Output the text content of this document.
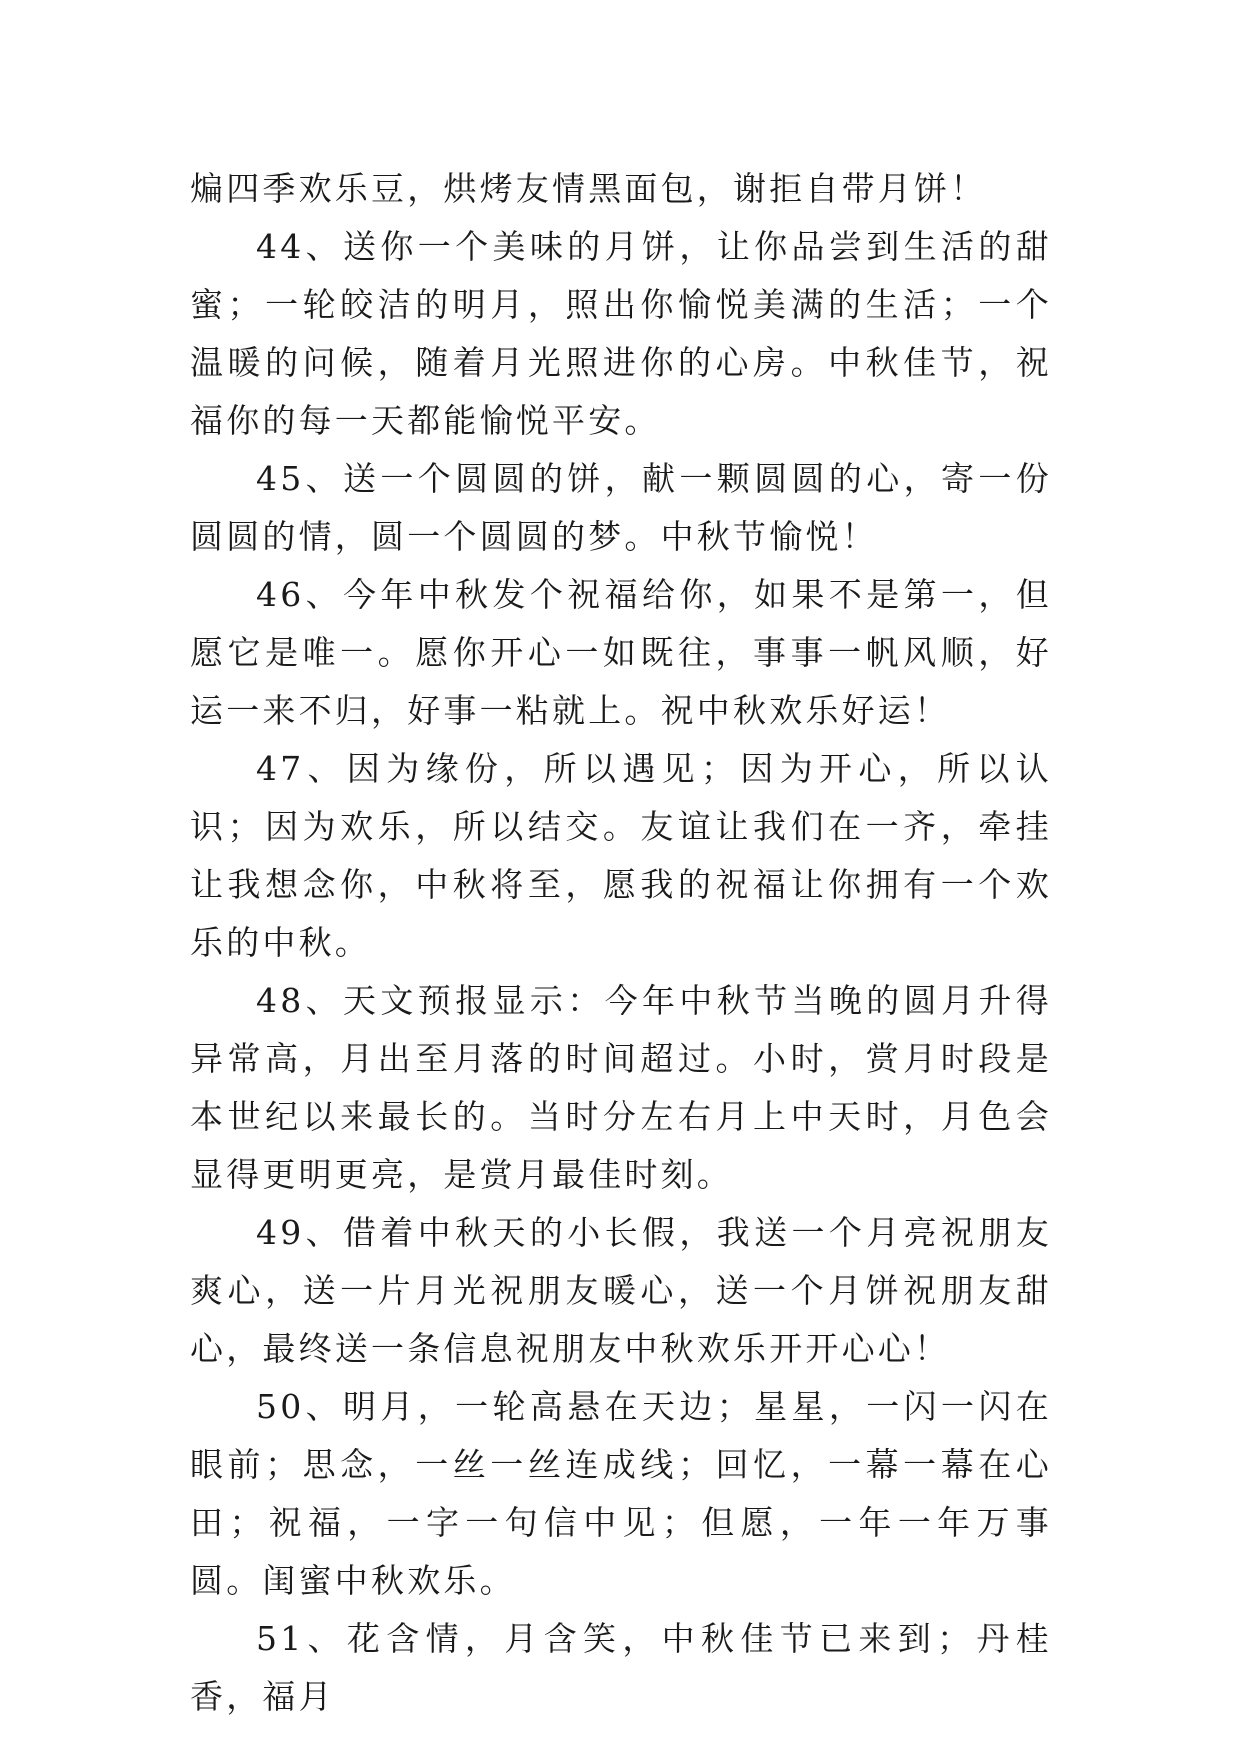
煸四季欢乐豆，烘烤友情黑面包，谢拒自带月饼！

44、送你一个美味的月饼，让你品尝到生活的甜蜜；一轮皎洁的明月，照出你愉悦美满的生活；一个温暖的问候，随着月光照进你的心房。中秋佳节，祝福你的每一天都能愉悦平安。

45、送一个圆圆的饼，献一颗圆圆的心，寄一份圆圆的情，圆一个圆圆的梦。中秋节愉悦！

46、今年中秋发个祝福给你，如果不是第一，但愿它是唯一。愿你开心一如既往，事事一帆风顺，好运一来不归，好事一粘就上。祝中秋欢乐好运！

47、因为缘份，所以遇见；因为开心，所以认识；因为欢乐，所以结交。友谊让我们在一齐，牵挂让我想念你，中秋将至，愿我的祝福让你拥有一个欢乐的中秋。

48、天文预报显示：今年中秋节当晚的圆月升得异常高，月出至月落的时间超过。小时，赏月时段是本世纪以来最长的。当时分左右月上中天时，月色会显得更明更亮，是赏月最佳时刻。

49、借着中秋天的小长假，我送一个月亮祝朋友爽心，送一片月光祝朋友暖心，送一个月饼祝朋友甜心，最终送一条信息祝朋友中秋欢乐开开心心！

50、明月，一轮高悬在天边；星星，一闪一闪在眼前；思念，一丝一丝连成线；回忆，一幕一幕在心田；祝福，一字一句信中见；但愿，一年一年万事圆。闺蜜中秋欢乐。

51、花含情，月含笑，中秋佳节已来到；丹桂香，福月
